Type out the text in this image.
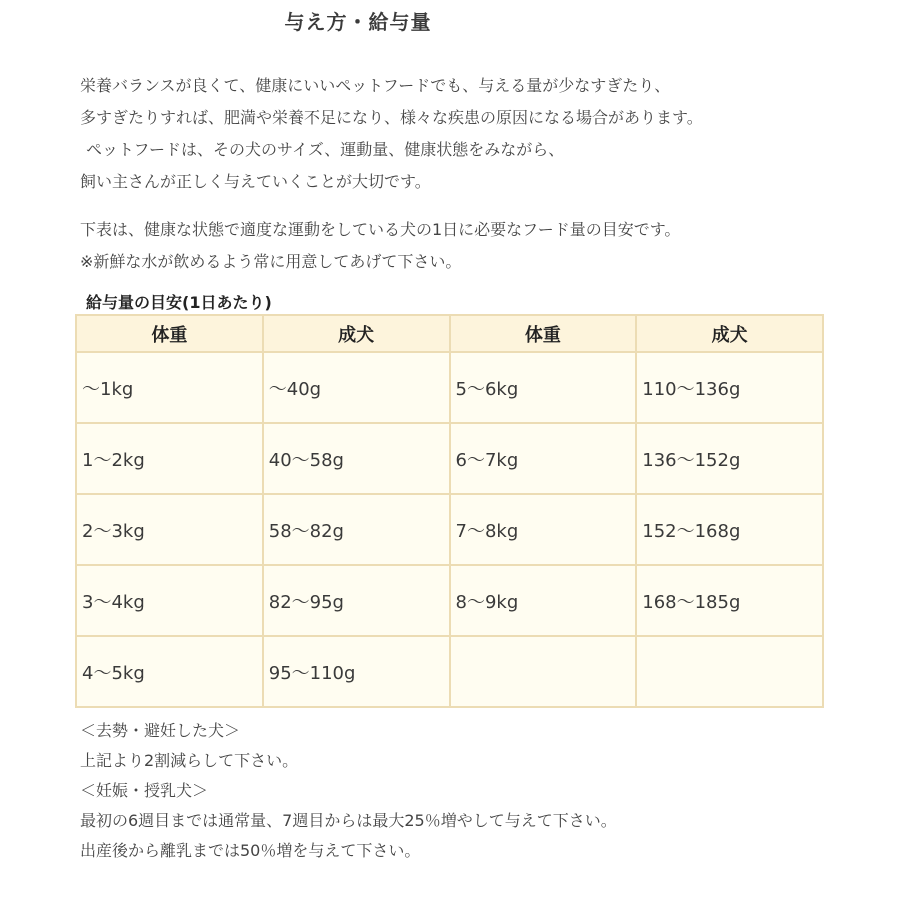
与え方・給与量

栄養バランスが良くて、健康にいいペットフードでも、与える量が少なすぎたり、
多すぎたりすれば、肥満や栄養不足になり、様々な疾患の原因になる場合があります。
ペットフードは、その犬のサイズ、運動量、健康状態をみながら、
飼い主さんが正しく与えていくことが大切です。

下表は、健康な状態で適度な運動をしている犬の1日に必要なフード量の目安です。
※新鮮な水が飲めるよう常に用意してあげて下さい。

給与量の目安(1日あたり)
体重	成犬	体重	成犬
～1kg	～40g	5～6kg	110～136g
1～2kg	40～58g	6～7kg	136～152g
2～3kg	58～82g	7～8kg	152～168g
3～4kg	82～95g	8～9kg	168～185g
4～5kg	95～110g		

＜去勢・避妊した犬＞
上記より2割減らして下さい。
＜妊娠・授乳犬＞
最初の6週目までは通常量、7週目からは最大25％増やして与えて下さい。
出産後から離乳までは50％増を与えて下さい。
